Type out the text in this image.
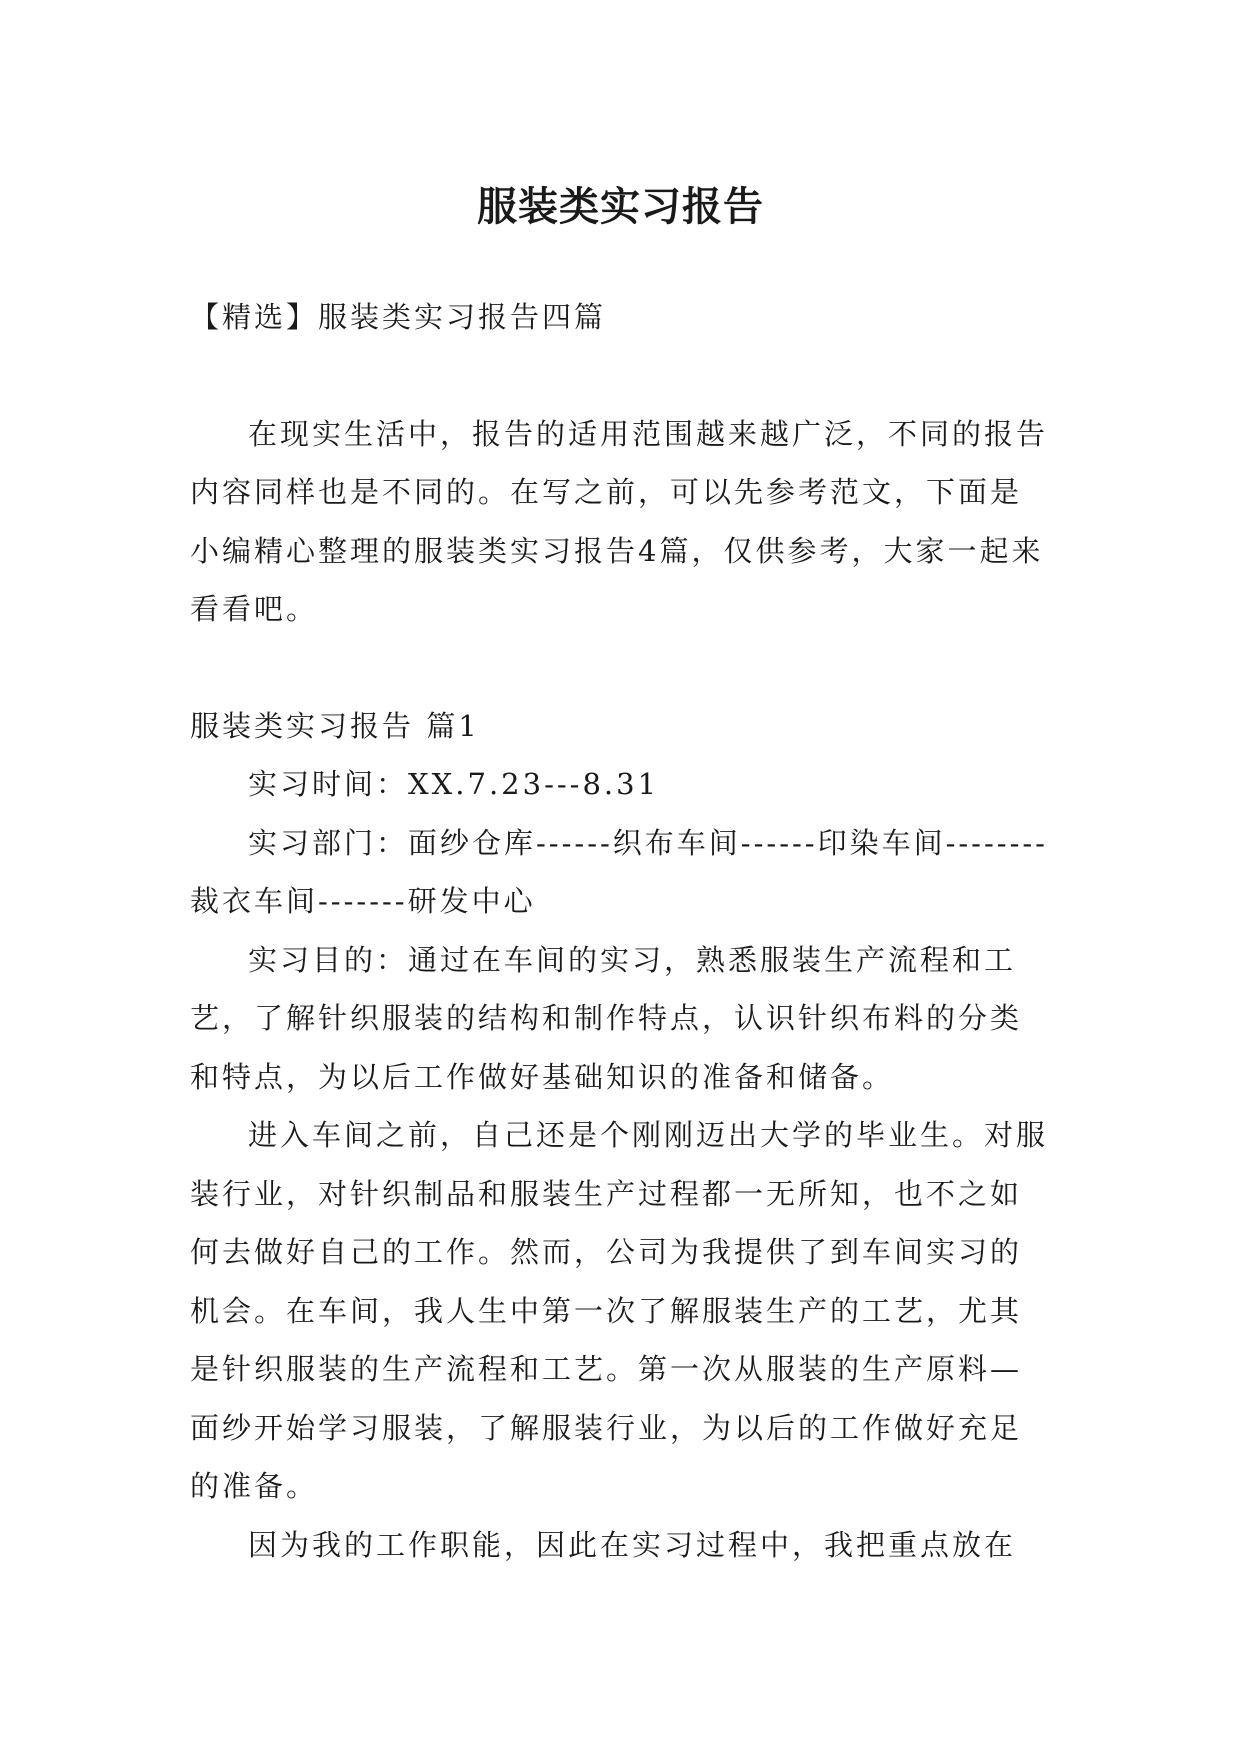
服装类实习报告

【精选】服装类实习报告四篇

在现实生活中，报告的适用范围越来越广泛，不同的报告内容同样也是不同的。在写之前，可以先参考范文，下面是小编精心整理的服装类实习报告4篇，仅供参考，大家一起来看看吧。

服装类实习报告 篇1

实习时间：XX.7.23---8.31

实习部门：面纱仓库------织布车间------印染车间--------裁衣车间-------研发中心

实习目的：通过在车间的实习，熟悉服装生产流程和工艺，了解针织服装的结构和制作特点，认识针织布料的分类和特点，为以后工作做好基础知识的准备和储备。

进入车间之前，自己还是个刚刚迈出大学的毕业生。对服装行业，对针织制品和服装生产过程都一无所知，也不之如何去做好自己的工作。然而，公司为我提供了到车间实习的机会。在车间，我人生中第一次了解服装生产的工艺，尤其是针织服装的生产流程和工艺。第一次从服装的生产原料—面纱开始学习服装，了解服装行业，为以后的工作做好充足的准备。

因为我的工作职能，因此在实习过程中，我把重点放在
